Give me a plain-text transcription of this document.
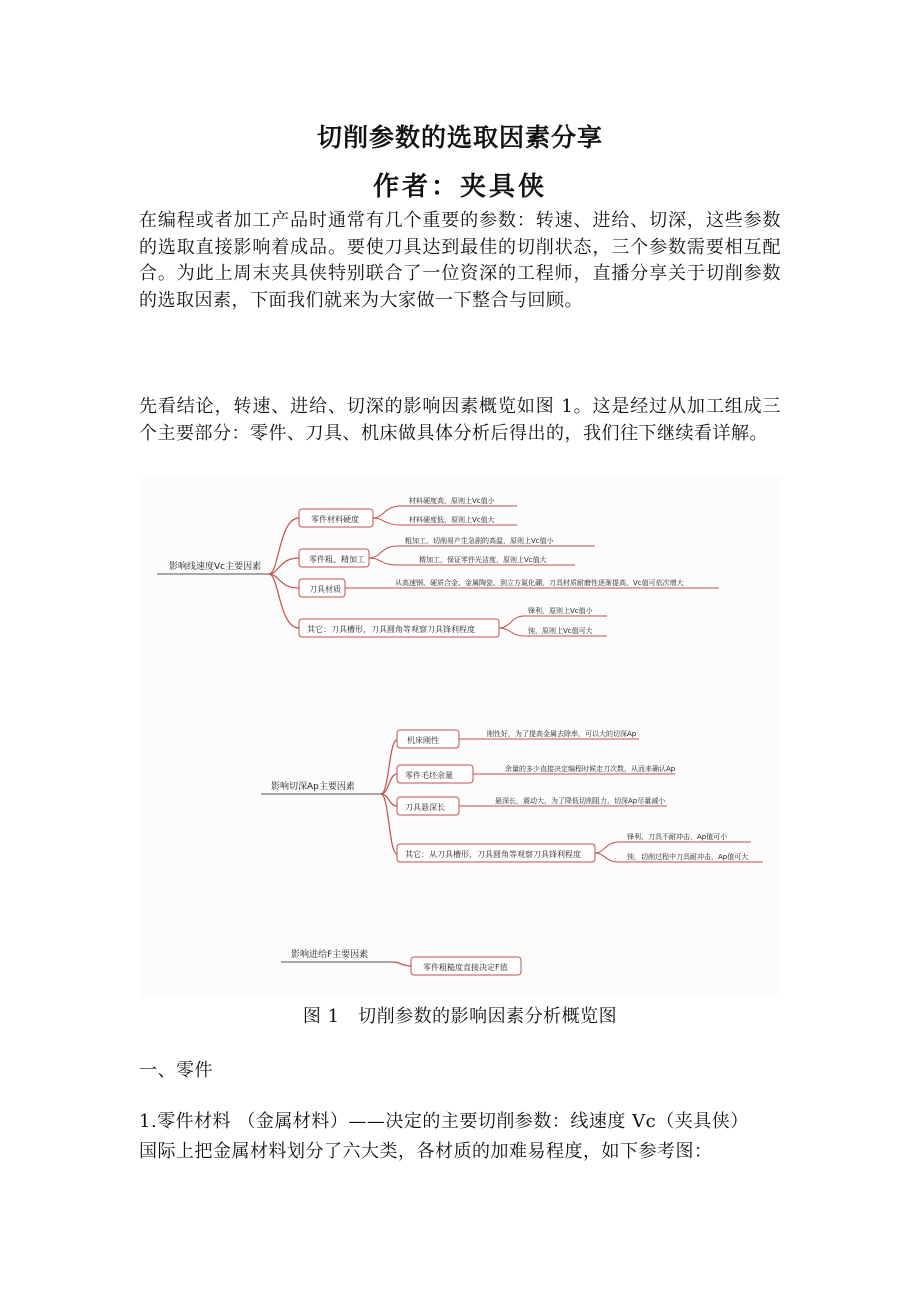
切削参数的选取因素分享
作者：夹具侠
在编程或者加工产品时通常有几个重要的参数：转速、进给、切深，这些参数的选取直接影响着成品。要使刀具达到最佳的切削状态，三个参数需要相互配合。为此上周末夹具侠特别联合了一位资深的工程师，直播分享关于切削参数的选取因素，下面我们就来为大家做一下整合与回顾。
先看结论，转速、进给、切深的影响因素概览如图 1。这是经过从加工组成三个主要部分：零件、刀具、机床做具体分析后得出的，我们往下继续看详解。
影响线速度Vc主要因素
零件材料硬度
零件粗、精加工
刀具材质
其它：刀具槽形，刀具圆角等观察刀具锋利程度
材料硬度高，原则上Vc值小
材料硬度低，原则上Vc值大
粗加工，切削易产生急剧的高温，原则上Vc值小
精加工，保证零件光洁度，原则上Vc值大
从高速钢、硬质合金、金属陶瓷、到立方氮化硼，刀具材质耐磨性逐渐提高，Vc值可依次增大
锋利，原则上Vc值小
钝，原则上Vc值可大
影响切深Ap主要因素
机床刚性
零件毛坯余量
刀具悬深长
其它：从刀具槽形，刀具圆角等观察刀具锋利程度
刚性好，为了提高金属去除率，可以大的切深Ap
余量的多少直接决定编程时候走刀次数，从而来确认Ap
悬深长，震动大，为了降低切削阻力，切深Ap尽量减小
锋利、刀具不耐冲击，Ap值可小
钝，切削过程中刀具耐冲击，Ap值可大
影响进给F主要因素
零件粗糙度直接决定F值
图 1　切削参数的影响因素分析概览图
一、零件
1.零件材料 （金属材料）——决定的主要切削参数：线速度 Vc（夹具侠）
国际上把金属材料划分了六大类，各材质的加难易程度，如下参考图：
